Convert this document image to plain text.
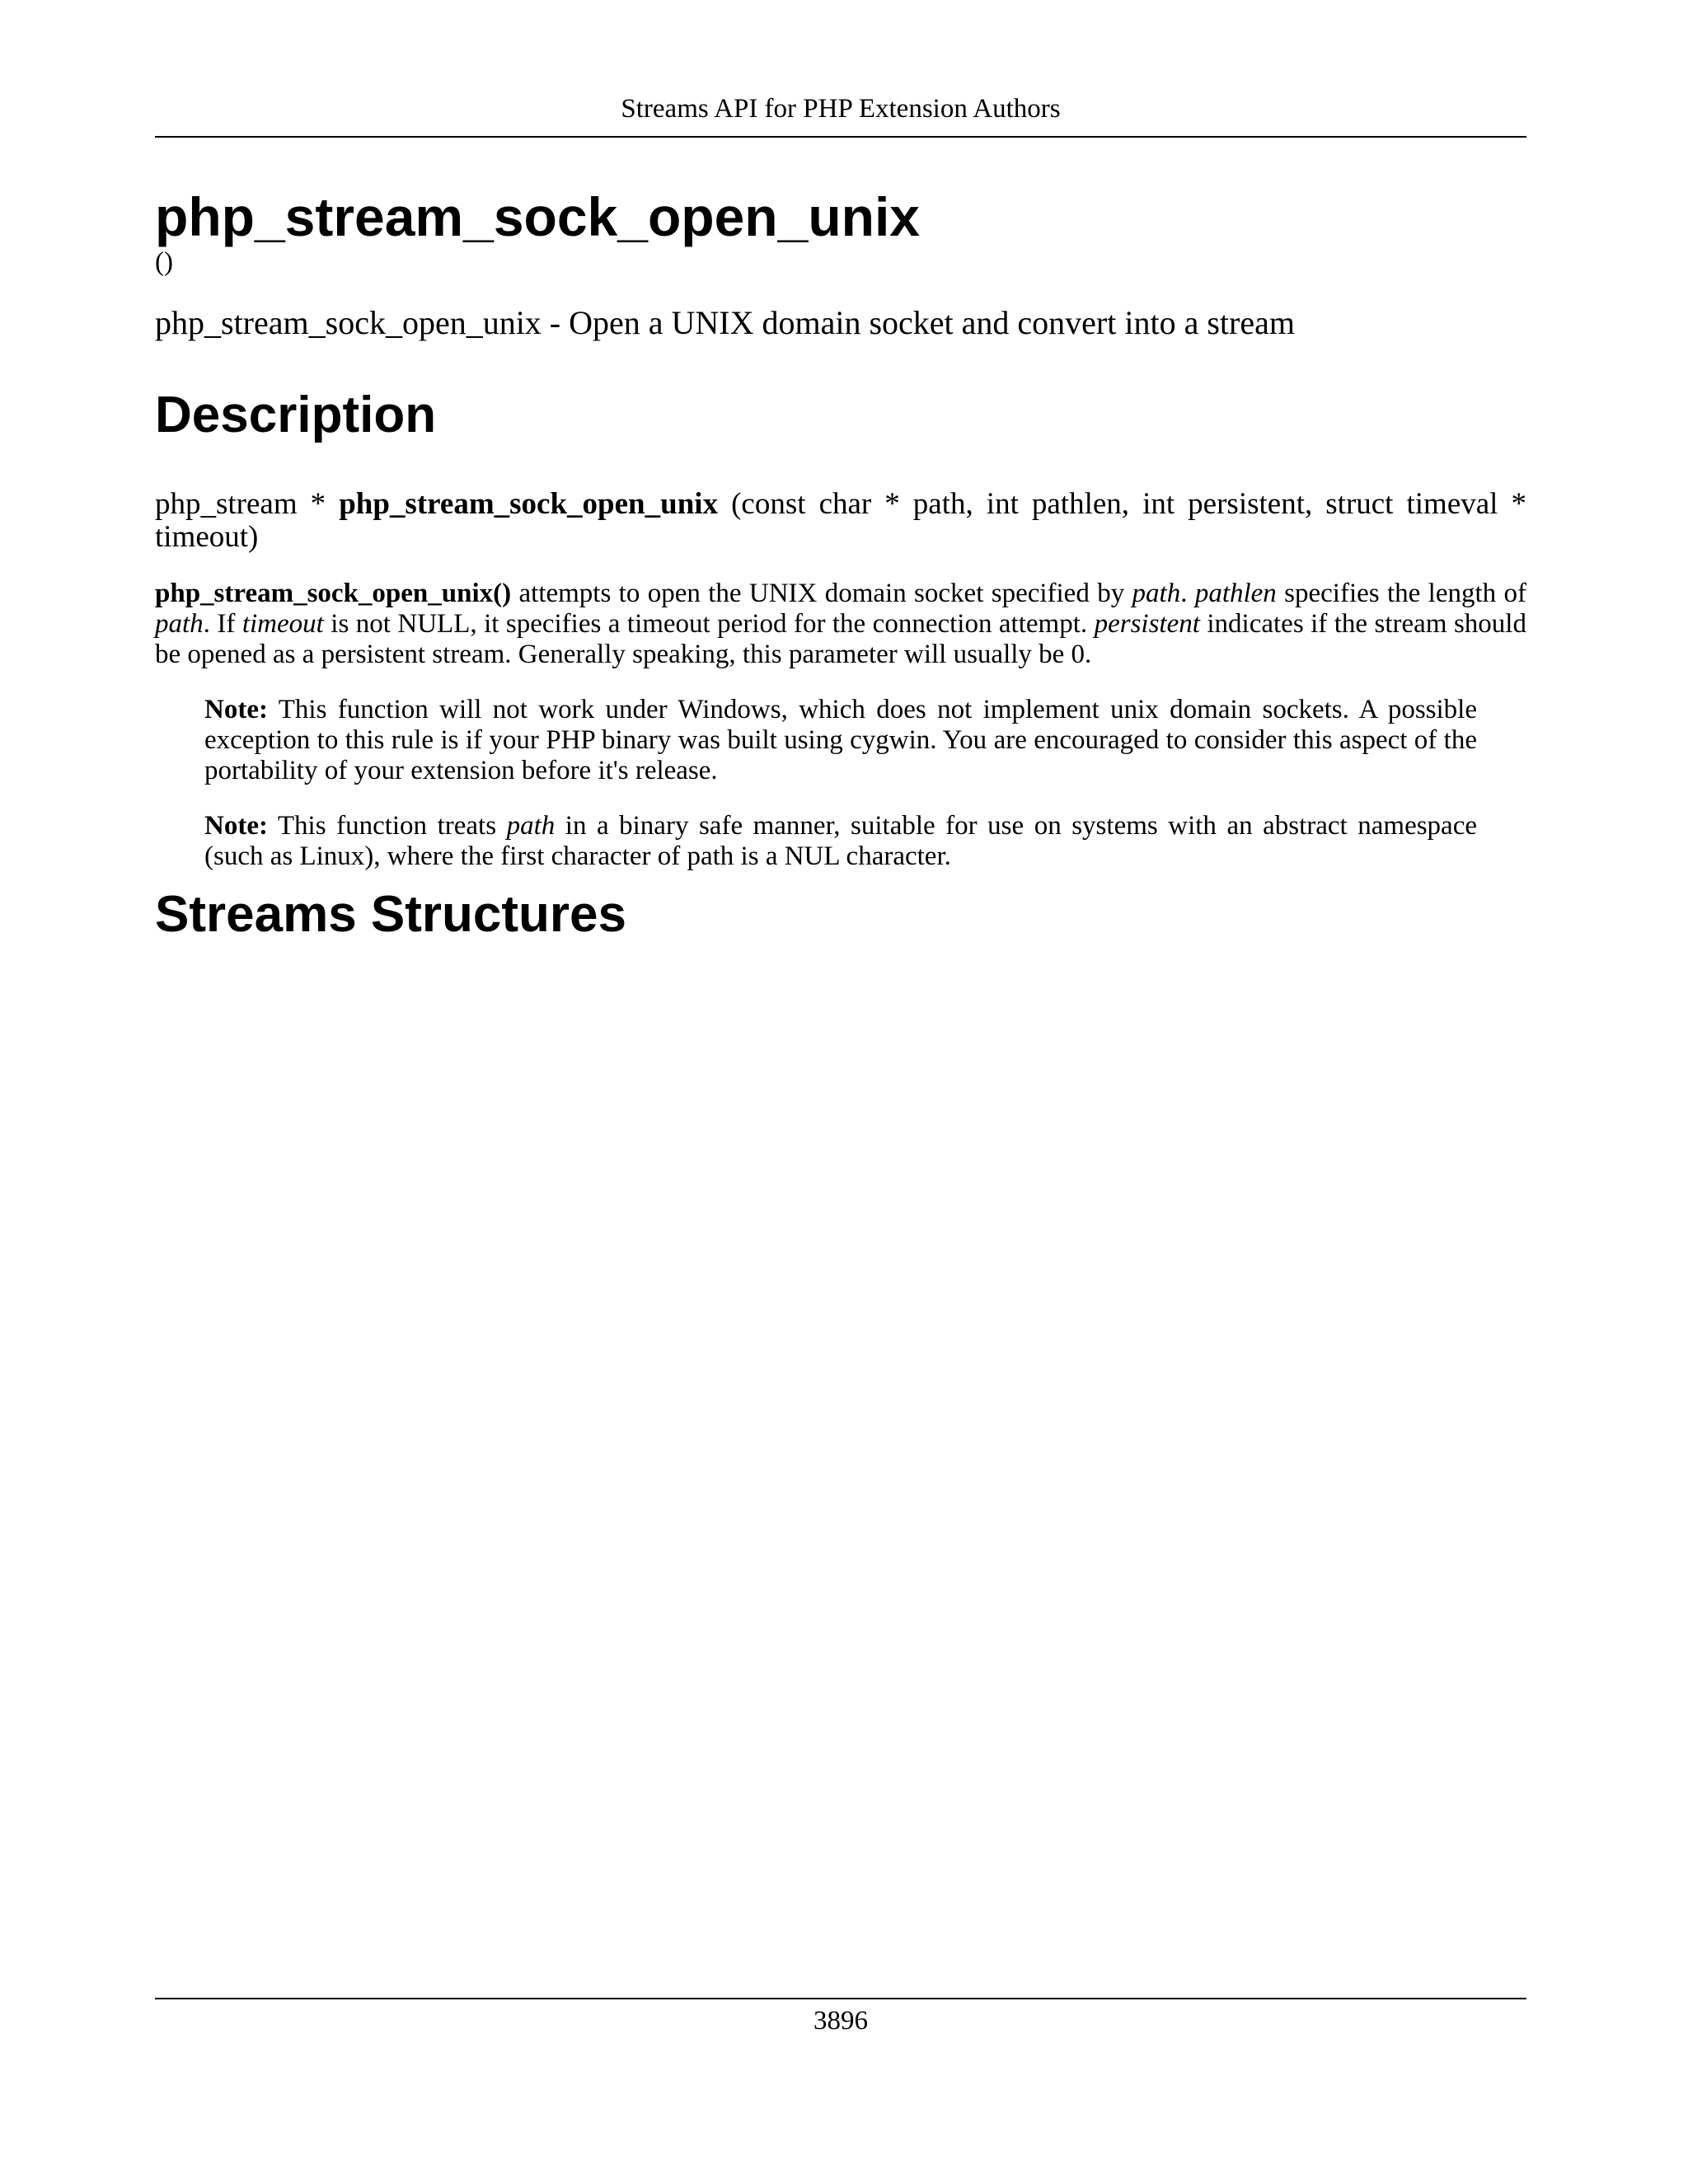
Streams API for PHP Extension Authors
php_stream_sock_open_unix

()

php_stream_sock_open_unix - Open a UNIX domain socket and convert into a stream

Description

php_stream * php_stream_sock_open_unix (const char * path, int pathlen, int persistent, struct timeval * timeout)

php_stream_sock_open_unix() attempts to open the UNIX domain socket specified by path. pathlen specifies the length of path. If timeout is not NULL, it specifies a timeout period for the connection attempt. persistent indicates if the stream should be opened as a persistent stream. Generally speaking, this parameter will usually be 0.

Note: This function will not work under Windows, which does not implement unix domain sockets. A possible exception to this rule is if your PHP binary was built using cygwin. You are encouraged to consider this aspect of the portability of your extension before it's release.

Note: This function treats path in a binary safe manner, suitable for use on systems with an abstract namespace (such as Linux), where the first character of path is a NUL character.

Streams Structures
3896
